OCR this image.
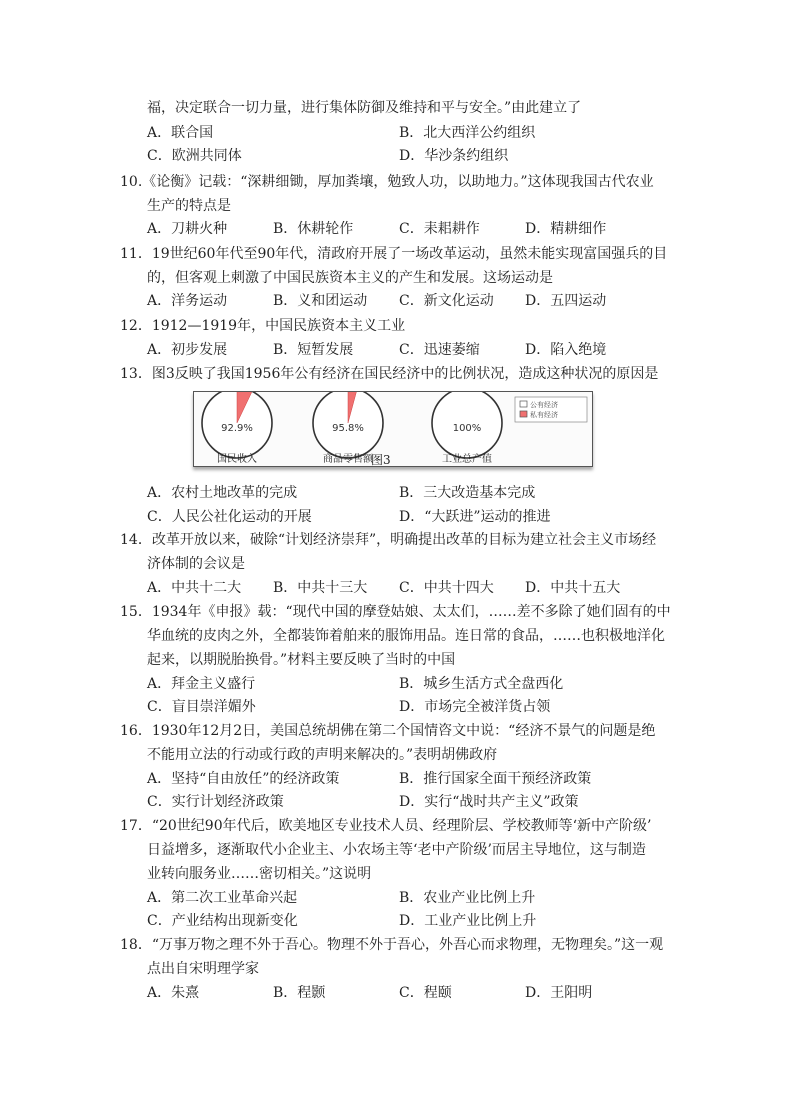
福，决定联合一切力量，进行集体防御及维持和平与安全。”由此建立了
A．联合国	B．北大西洋公约组织
C．欧洲共同体	D．华沙条约组织
10.《论衡》记载：“深耕细锄，厚加粪壤，勉致人功，以助地力。”这体现我国古代农业
生产的特点是
A．刀耕火种	B．休耕轮作	C．耒耜耕作	D．精耕细作
11．19世纪60年代至90年代，清政府开展了一场改革运动，虽然未能实现富国强兵的目
的，但客观上刺激了中国民族资本主义的产生和发展。这场运动是
A．洋务运动	B．义和团运动 C．新文化运动 D．五四运动
12．1912—1919年，中国民族资本主义工业
A．初步发展	B．短暂发展	C．迅速萎缩	D．陷入绝境
13．图3反映了我国1956年公有经济在国民经济中的比例状况，造成这种状况的原因是
公有经济
私有经济
92.9%
国民收入
95.8%
商品零售额
100%
工业总产值
图3
A．农村土地改革的完成	B．三大改造基本完成
C．人民公社化运动的开展	D．“大跃进”运动的推进
14．改革开放以来，破除“计划经济崇拜”，明确提出改革的目标为建立社会主义市场经
济体制的会议是
A．中共十二大 B．中共十三大 C．中共十四大 D．中共十五大
15．1934年《申报》载：“现代中国的摩登姑娘、太太们，……差不多除了她们固有的中
华血统的皮肉之外，全都装饰着舶来的服饰用品。连日常的食品，……也积极地洋化
起来，以期脱胎换骨。”材料主要反映了当时的中国
A．拜金主义盛行	B．城乡生活方式全盘西化
C．盲目崇洋媚外	D．市场完全被洋货占领
16．1930年12月2日，美国总统胡佛在第二个国情咨文中说：“经济不景气的问题是绝
不能用立法的行动或行政的声明来解决的。”表明胡佛政府
A．坚持“自由放任”的经济政策	B．推行国家全面干预经济政策
C．实行计划经济政策	D．实行“战时共产主义”政策
17．“20世纪90年代后，欧美地区专业技术人员、经理阶层、学校教师等‘新中产阶级’
日益增多，逐渐取代小企业主、小农场主等‘老中产阶级’而居主导地位，这与制造
业转向服务业……密切相关。”这说明
A．第二次工业革命兴起	B．农业产业比例上升
C．产业结构出现新变化	D．工业产业比例上升
18．“万事万物之理不外于吾心。物理不外于吾心，外吾心而求物理，无物理矣。”这一观
点出自宋明理学家
A．朱熹	B．程颢	C．程颐	D．王阳明
